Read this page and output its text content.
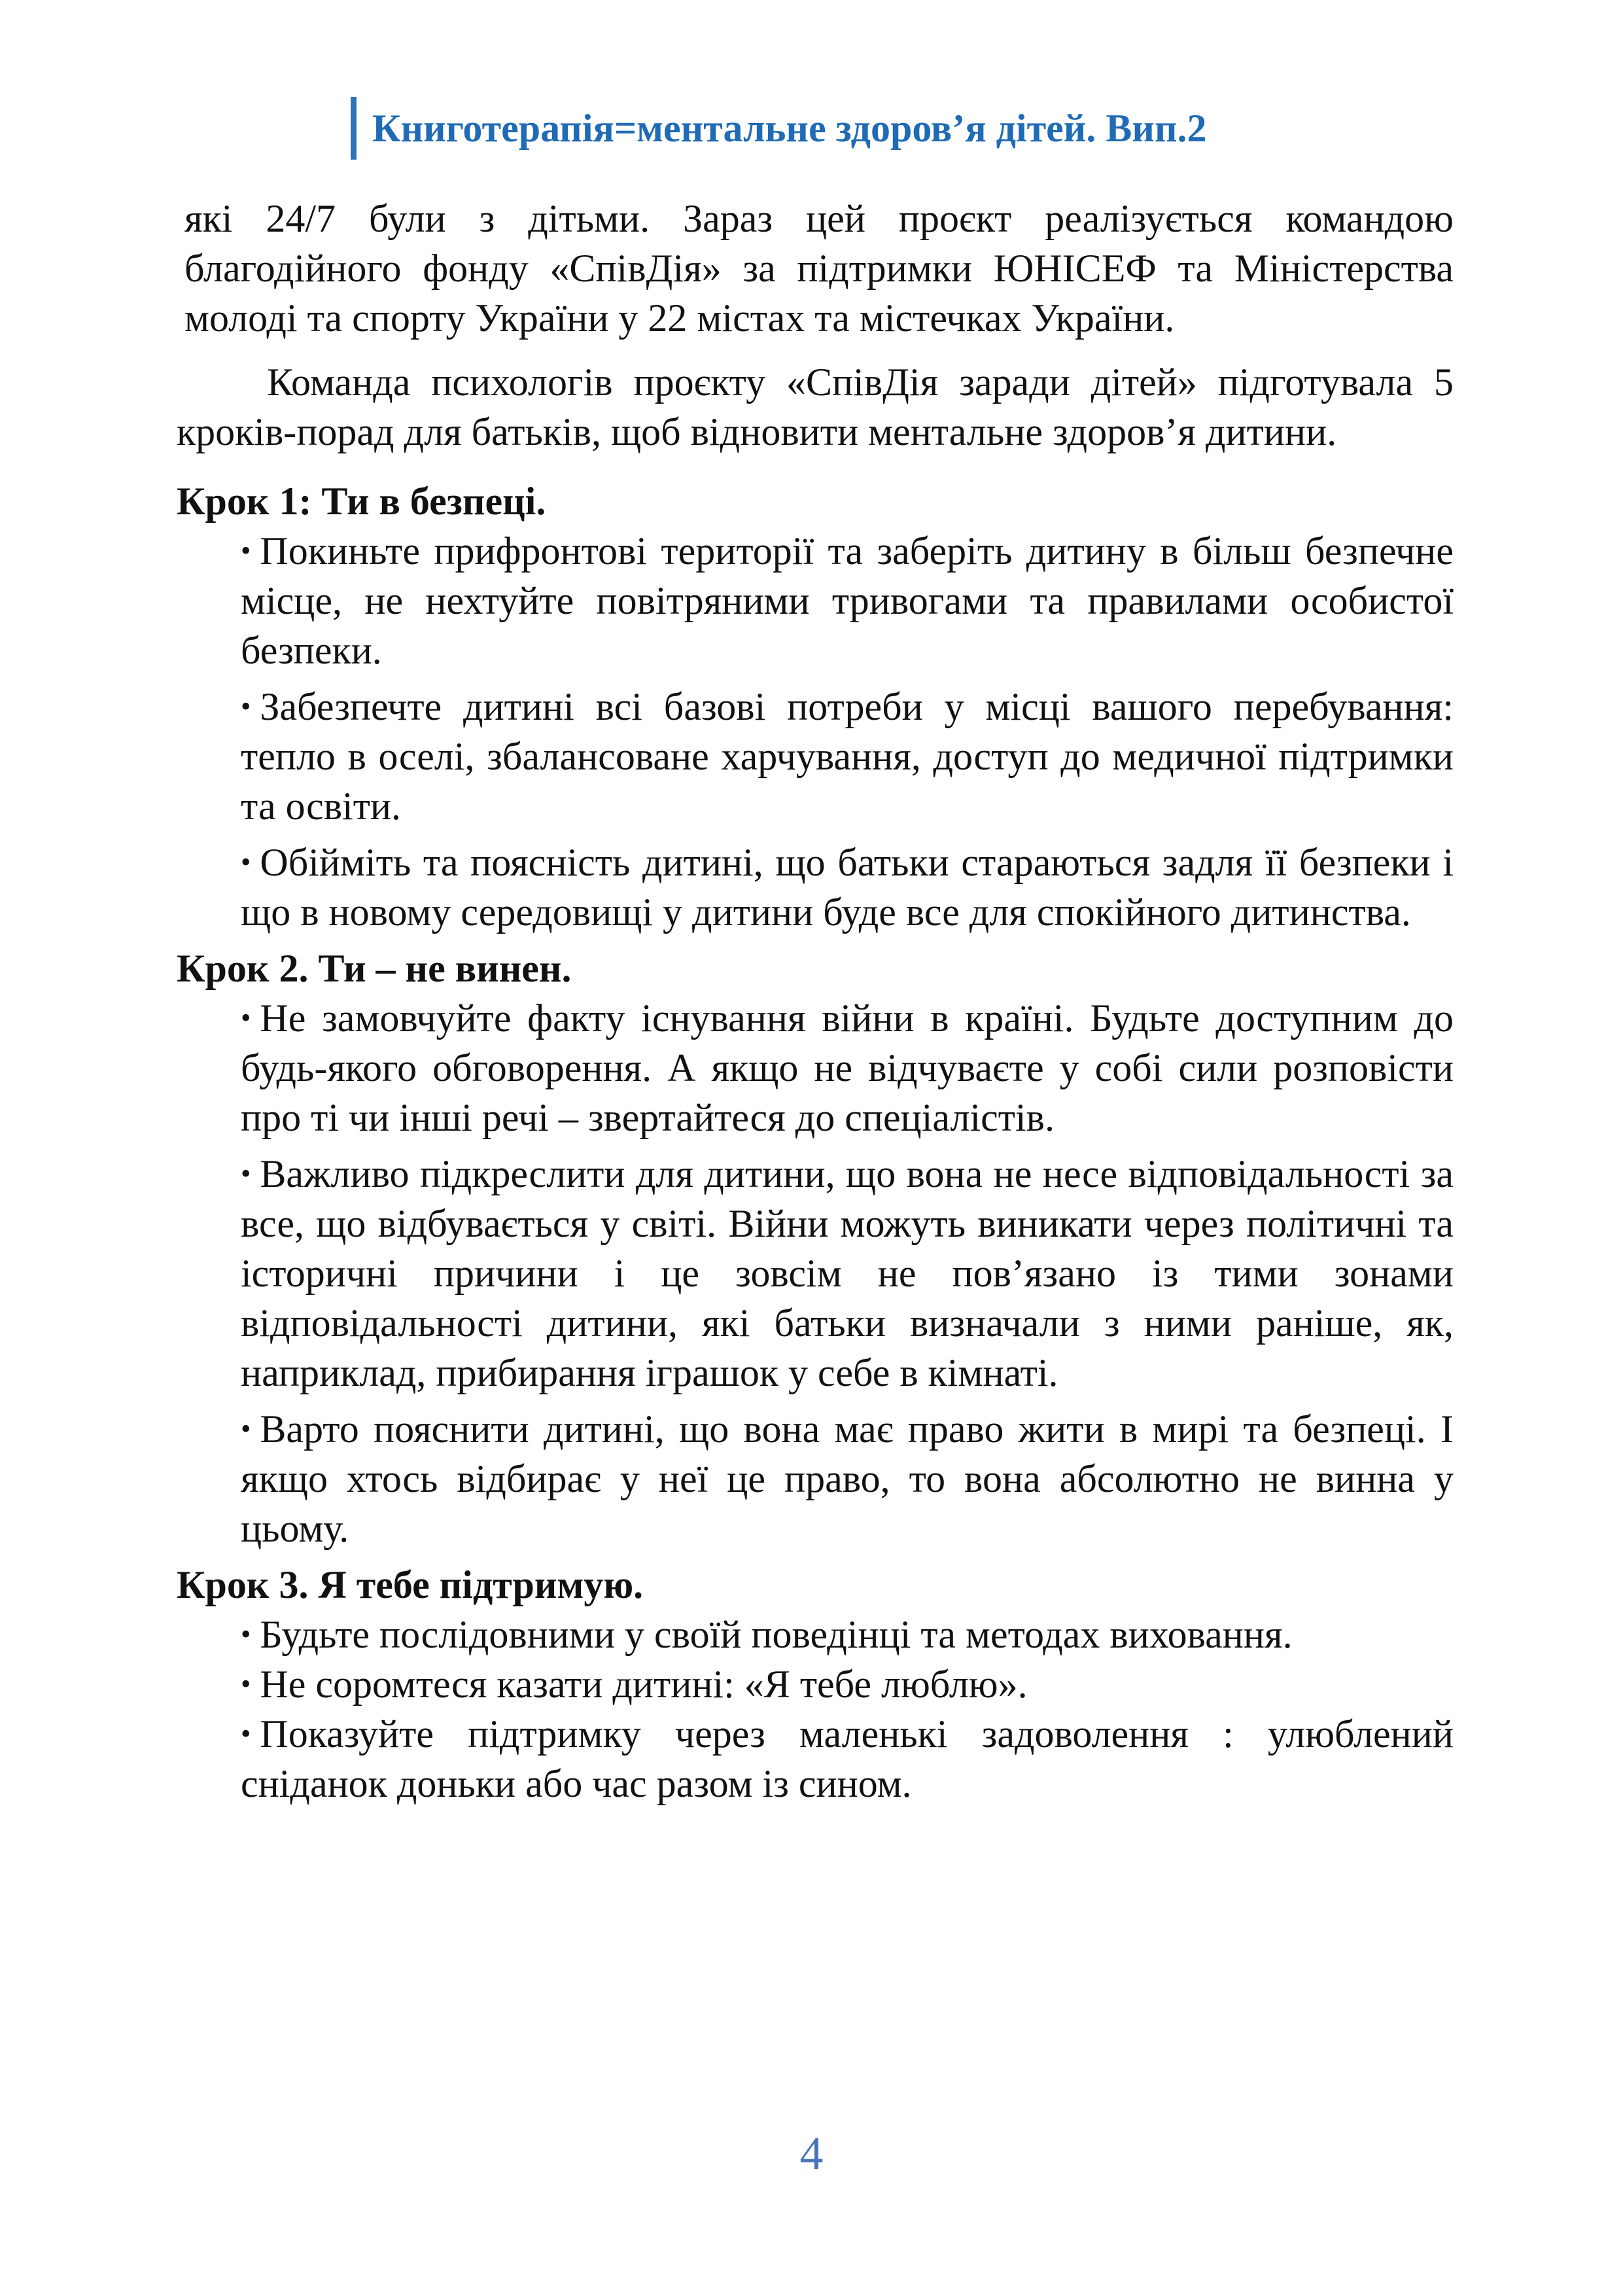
Книготерапія=ментальне здоров’я дітей. Вип.2

які 24/7 були з дітьми. Зараз цей проєкт реалізується командою благодійного фонду «СпівДія» за підтримки ЮНІСЕФ та Міністерства молоді та спорту України у 22 містах та містечках України.

Команда психологів проєкту «СпівДія заради дітей» підготувала 5 кроків-порад для батьків, щоб відновити ментальне здоров’я дитини.

Крок 1: Ти в безпеці.

• Покиньте прифронтові території та заберіть дитину в більш безпечне місце, не нехтуйте повітряними тривогами та правилами особистої безпеки.
• Забезпечте дитині всі базові потреби у місці вашого перебування: тепло в оселі, збалансоване харчування, доступ до медичної підтримки та освіти.
• Обійміть та поясність дитині, що батьки стараються задля її безпеки і що в новому середовищі у дитини буде все для спокійного дитинства.

Крок 2. Ти – не винен.

• Не замовчуйте факту існування війни в країні. Будьте доступним до будь-якого обговорення. А якщо не відчуваєте у собі сили розповісти про ті чи інші речі – звертайтеся до спеціалістів.
• Важливо підкреслити для дитини, що вона не несе відповідальності за все, що відбувається у світі. Війни можуть виникати через політичні та історичні причини і це зовсім не пов’язано із тими зонами відповідальності дитини, які батьки визначали з ними раніше, як, наприклад, прибирання іграшок у себе в кімнаті.
• Варто пояснити дитині, що вона має право жити в мирі та безпеці. І якщо хтось відбирає у неї це право, то вона абсолютно не винна у цьому.

Крок 3. Я тебе підтримую.

• Будьте послідовними у своїй поведінці та методах виховання.
• Не соромтеся казати дитині: «Я тебе люблю».
• Показуйте підтримку через маленькі задоволення : улюблений сніданок доньки або час разом із сином.
4
